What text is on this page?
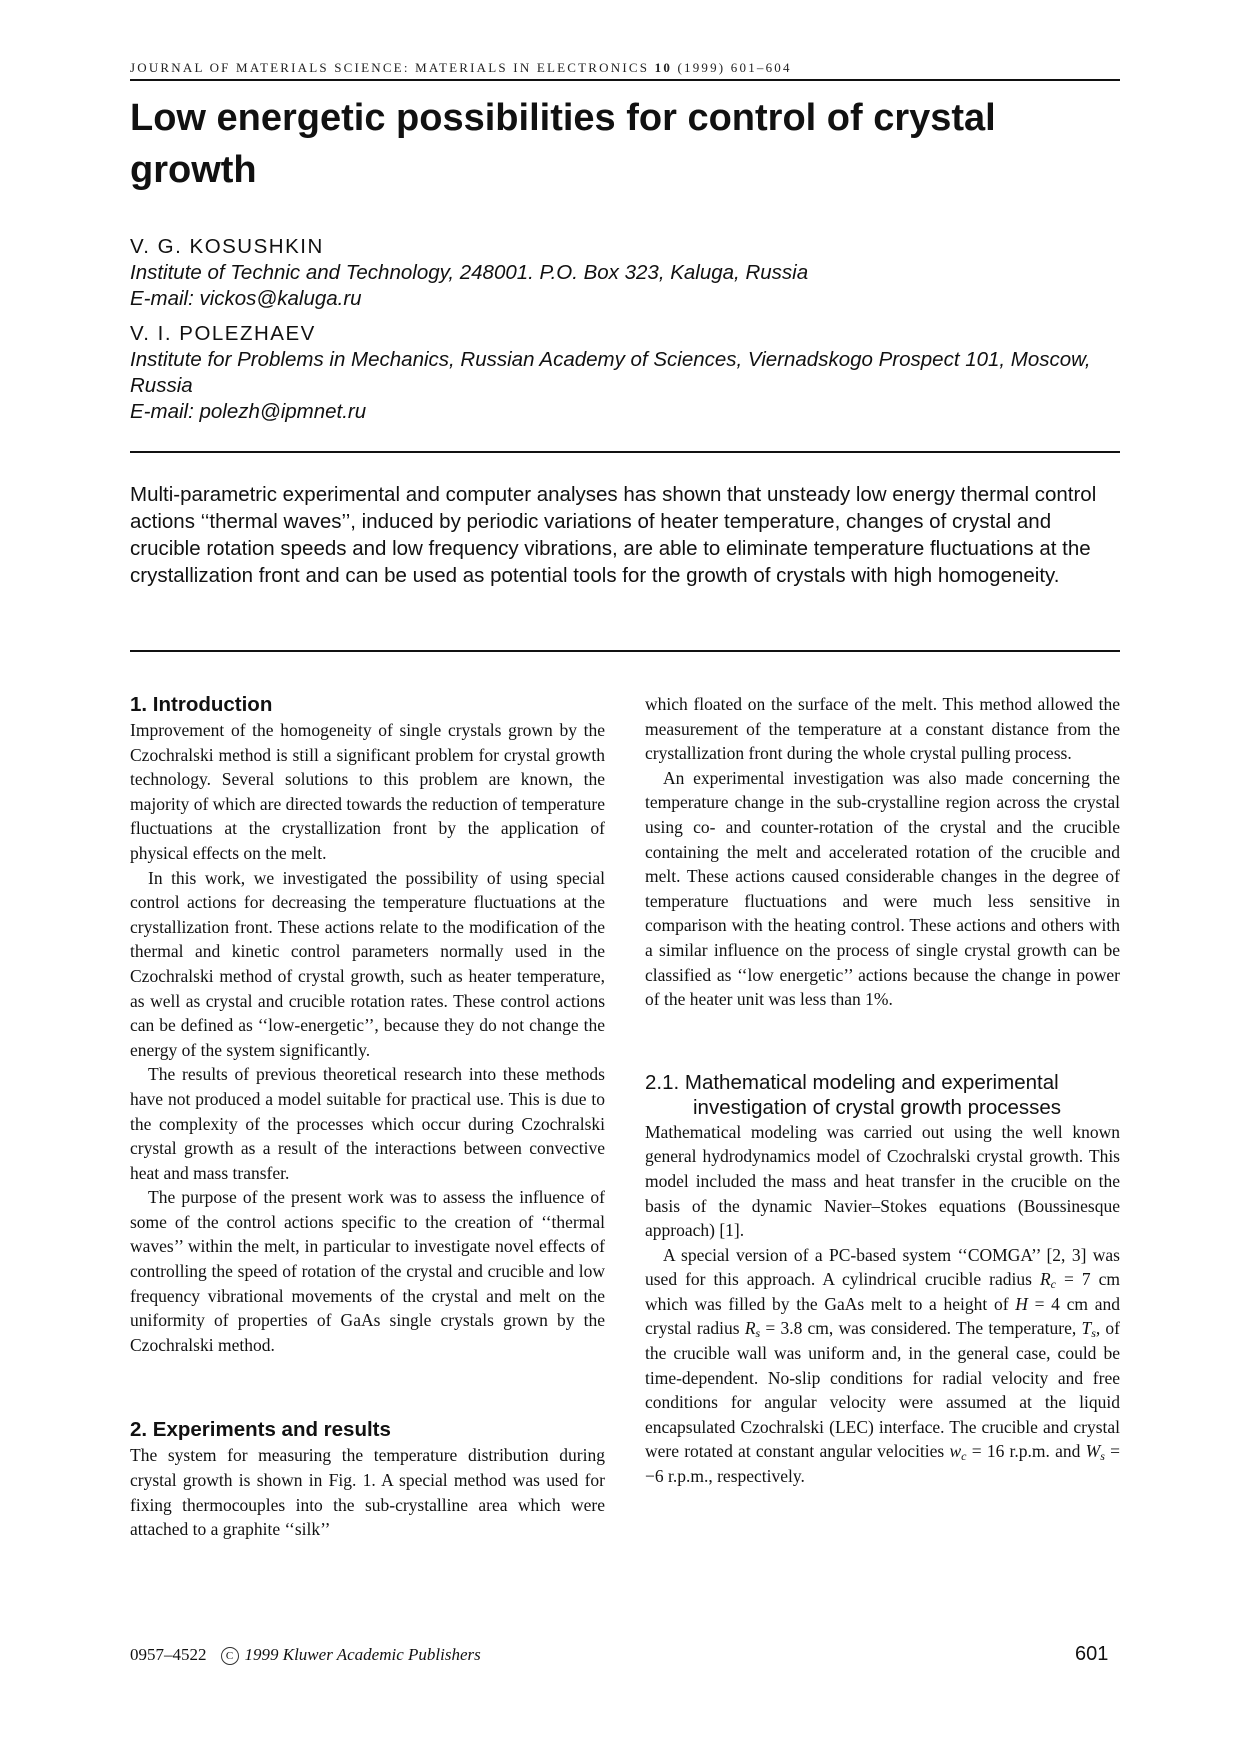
JOURNAL OF MATERIALS SCIENCE: MATERIALS IN ELECTRONICS 10 (1999) 601–604
Low energetic possibilities for control of crystal growth
V. G. KOSUSHKIN
Institute of Technic and Technology, 248001. P.O. Box 323, Kaluga, Russia
E-mail: vickos@kaluga.ru
V. I. POLEZHAEV
Institute for Problems in Mechanics, Russian Academy of Sciences, Viernadskogo Prospect 101, Moscow, Russia
E-mail: polezh@ipmnet.ru

Multi-parametric experimental and computer analyses has shown that unsteady low energy thermal control actions ‘‘thermal waves’’, induced by periodic variations of heater temperature, changes of crystal and crucible rotation speeds and low frequency vibrations, are able to eliminate temperature fluctuations at the crystallization front and can be used as potential tools for the growth of crystals with high homogeneity.

1. Introduction

Improvement of the homogeneity of single crystals grown by the Czochralski method is still a significant problem for crystal growth technology. Several solutions to this problem are known, the majority of which are directed towards the reduction of temperature fluctuations at the crystallization front by the application of physical effects on the melt.

In this work, we investigated the possibility of using special control actions for decreasing the temperature fluctuations at the crystallization front. These actions relate to the modification of the thermal and kinetic control parameters normally used in the Czochralski method of crystal growth, such as heater temperature, as well as crystal and crucible rotation rates. These control actions can be defined as ‘‘low-energetic’’, because they do not change the energy of the system significantly.

The results of previous theoretical research into these methods have not produced a model suitable for practical use. This is due to the complexity of the processes which occur during Czochralski crystal growth as a result of the interactions between convective heat and mass transfer.

The purpose of the present work was to assess the influence of some of the control actions specific to the creation of ‘‘thermal waves’’ within the melt, in particular to investigate novel effects of controlling the speed of rotation of the crystal and crucible and low frequency vibrational movements of the crystal and melt on the uniformity of properties of GaAs single crystals grown by the Czochralski method.

2. Experiments and results

The system for measuring the temperature distribution during crystal growth is shown in Fig. 1. A special method was used for fixing thermocouples into the sub-crystalline area which were attached to a graphite ‘‘silk’’

which floated on the surface of the melt. This method allowed the measurement of the temperature at a constant distance from the crystallization front during the whole crystal pulling process.

An experimental investigation was also made concerning the temperature change in the sub-crystalline region across the crystal using co- and counter-rotation of the crystal and the crucible containing the melt and accelerated rotation of the crucible and melt. These actions caused considerable changes in the degree of temperature fluctuations and were much less sensitive in comparison with the heating control. These actions and others with a similar influence on the process of single crystal growth can be classified as ‘‘low energetic’’ actions because the change in power of the heater unit was less than 1%.

2.1. Mathematical modeling and experimental investigation of crystal growth processes

Mathematical modeling was carried out using the well known general hydrodynamics model of Czochralski crystal growth. This model included the mass and heat transfer in the crucible on the basis of the dynamic Navier–Stokes equations (Boussinesque approach) [1].

A special version of a PC-based system ‘‘COMGA’’ [2, 3] was used for this approach. A cylindrical crucible radius $R_c = 7$ cm which was filled by the GaAs melt to a height of H = 4 cm and crystal radius $R_s = 3.8$ cm, was considered. The temperature, $T_s$, of the crucible wall was uniform and, in the general case, could be time-dependent. No-slip conditions for radial velocity and free conditions for angular velocity were assumed at the liquid encapsulated Czochralski (LEC) interface. The crucible and crystal were rotated at constant angular velocities $w_c = 16$ r.p.m. and $W_s = -6$ r.p.m., respectively.

0957–4522 C 1999 Kluwer Academic Publishers	601
